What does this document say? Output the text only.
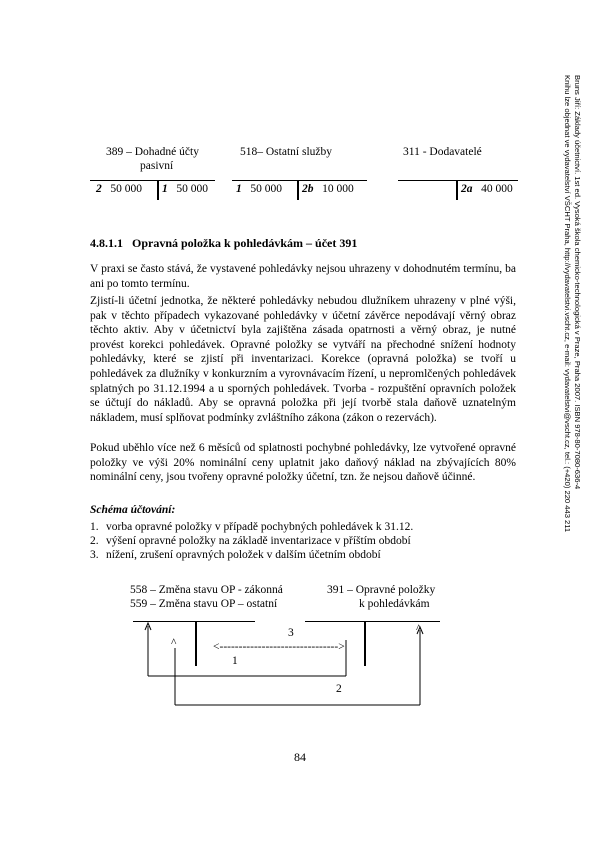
Bruns Jiří: Základy účetnictví. 1st ed. Vysoká škola chemicko-technologická v Praze, Praha 2007. ISBN 978-80-7080-636-4
Knihu lze objednat ve vydavatelství VŠCHT Praha, http://vydavatelstvi.vscht.cz, e-mail: vydavatelstvi@vscht.cz, tel.: (+420) 220 443 211
389 – Dohadné účty
pasivní
518– Ostatní služby	311 - Dodavatelé
2 50 000 1 50 000 1 50 000 2b 10 000	2a 40 000
4.8.1.1 Opravná položka k pohledávkám – účet 391

V praxi se často stává, že vystavené pohledávky nejsou uhrazeny v dohodnutém termínu, ba ani po tomto termínu.

Zjistí-li účetní jednotka, že některé pohledávky nebudou dlužníkem uhrazeny v plné výši, pak v těchto případech vykazované pohledávky v účetní závěrce nepodávají věrný obraz těchto aktiv. Aby v účetnictví byla zajištěna zásada opatrnosti a věrný obraz, je nutné provést korekci pohledávek. Opravné položky se vytváří na přechodné snížení hodnoty pohledávky, které se zjistí při inventarizaci. Korekce (opravná položka) se tvoří u pohledávek za dlužníky v konkurzním a vyrovnávacím řízení, u nepromlčených pohledávek splatných po 31.12.1994 a u sporných pohledávek. Tvorba - rozpuštění opravních položek se účtují do nákladů. Aby se opravná položka při její tvorbě stala daňově uznatelným nákladem, musí splňovat podmínky zvláštního zákona (zákon o rezervách).

Pokud uběhlo více než 6 měsíců od splatnosti pochybné pohledávky, lze vytvořené opravné položky ve výši 20% nominální ceny uplatnit jako daňový náklad na zbývajících 80% nominální ceny, jsou tvořeny opravné položky účetní, tzn. že nejsou daňově účinné.

Schéma účtování:
1. vorba opravné položky v případě pochybných pohledávek k 31.12.
2. výšení opravné položky na základě inventarizace v příštím období
3. nížení, zrušení opravných položek v dalším účetním období
558 – Změna stavu OP - zákonná
559 – Změna stavu OP – ostatní
391 – Opravné položky
k pohledávkám
^
^
3
<------------------------------->
1
2
84
